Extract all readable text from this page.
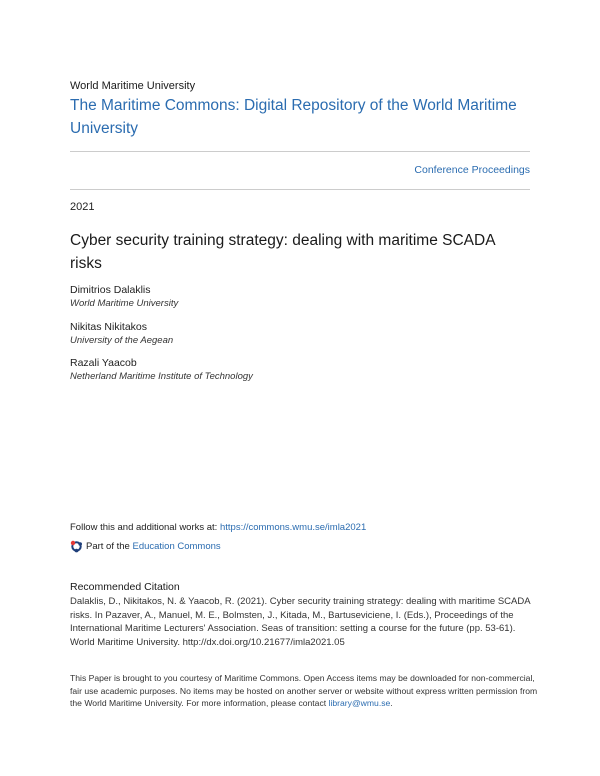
World Maritime University
The Maritime Commons: Digital Repository of the World Maritime University
Conference Proceedings
2021
Cyber security training strategy: dealing with maritime SCADA risks
Dimitrios Dalaklis
World Maritime University
Nikitas Nikitakos
University of the Aegean
Razali Yaacob
Netherland Maritime Institute of Technology
Follow this and additional works at: https://commons.wmu.se/imla2021
Part of the
Education Commons
Recommended Citation
Dalaklis, D., Nikitakos, N. & Yaacob, R. (2021). Cyber security training strategy: dealing with maritime SCADA risks. In Pazaver, A., Manuel, M. E., Bolmsten, J., Kitada, M., Bartuseviciene, I. (Eds.), Proceedings of the International Maritime Lecturers' Association. Seas of transition: setting a course for the future (pp. 53-61). World Maritime University. http://dx.doi.org/10.21677/imla2021.05
This Paper is brought to you courtesy of Maritime Commons. Open Access items may be downloaded for non-commercial, fair use academic purposes. No items may be hosted on another server or website without express written permission from the World Maritime University. For more information, please contact library@wmu.se.
